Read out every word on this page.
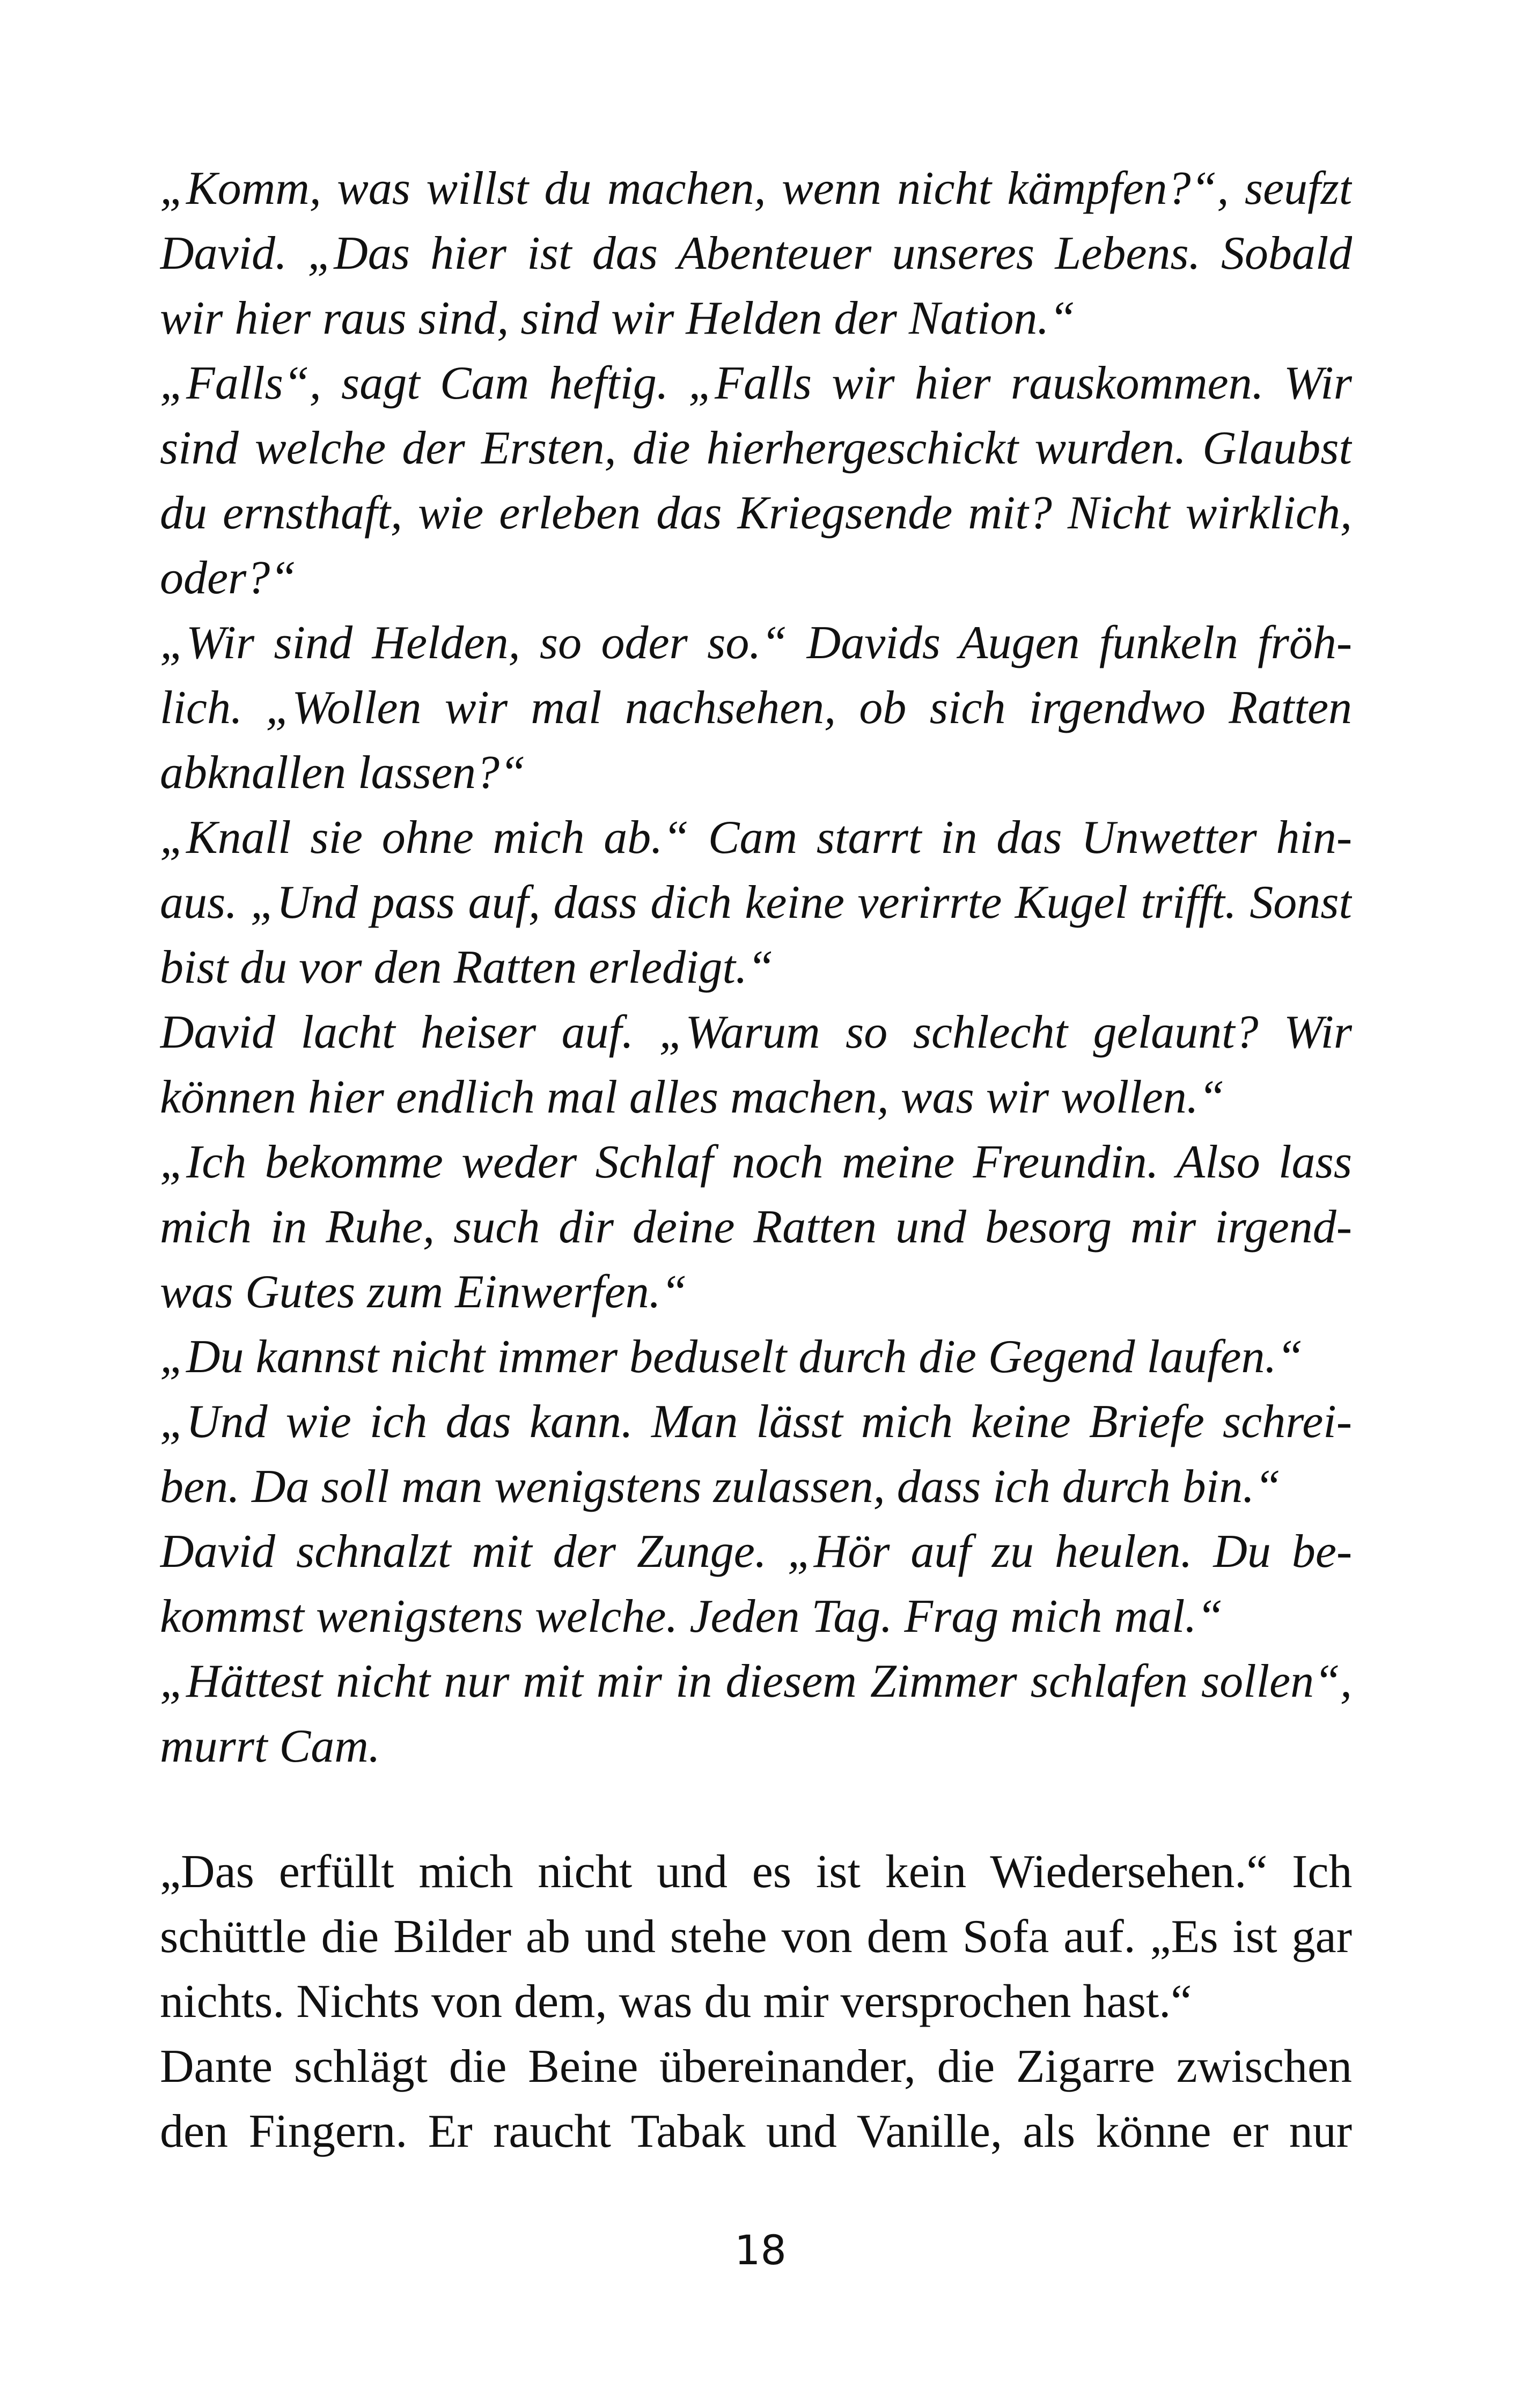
„Komm, was willst du machen, wenn nicht kämpfen?“, seufzt
David. „Das hier ist das Abenteuer unseres Lebens. Sobald
wir hier raus sind, sind wir Helden der Nation.“
„Falls“, sagt Cam heftig. „Falls wir hier rauskommen. Wir
sind welche der Ersten, die hierhergeschickt wurden. Glaubst
du ernsthaft, wie erleben das Kriegsende mit? Nicht wirklich,
oder?“
„Wir sind Helden, so oder so.“ Davids Augen funkeln fröh-
lich. „Wollen wir mal nachsehen, ob sich irgendwo Ratten
abknallen lassen?“
„Knall sie ohne mich ab.“ Cam starrt in das Unwetter hin-
aus. „Und pass auf, dass dich keine verirrte Kugel trifft. Sonst
bist du vor den Ratten erledigt.“
David lacht heiser auf. „Warum so schlecht gelaunt? Wir
können hier endlich mal alles machen, was wir wollen.“
„Ich bekomme weder Schlaf noch meine Freundin. Also lass
mich in Ruhe, such dir deine Ratten und besorg mir irgend-
was Gutes zum Einwerfen.“
„Du kannst nicht immer beduselt durch die Gegend laufen.“
„Und wie ich das kann. Man lässt mich keine Briefe schrei-
ben. Da soll man wenigstens zulassen, dass ich durch bin.“
David schnalzt mit der Zunge. „Hör auf zu heulen. Du be-
kommst wenigstens welche. Jeden Tag. Frag mich mal.“
„Hättest nicht nur mit mir in diesem Zimmer schlafen sollen“,
murrt Cam.
„Das erfüllt mich nicht und es ist kein Wiedersehen.“ Ich
schüttle die Bilder ab und stehe von dem Sofa auf. „Es ist gar
nichts. Nichts von dem, was du mir versprochen hast.“
Dante schlägt die Beine übereinander, die Zigarre zwischen
den Fingern. Er raucht Tabak und Vanille, als könne er nur
18
